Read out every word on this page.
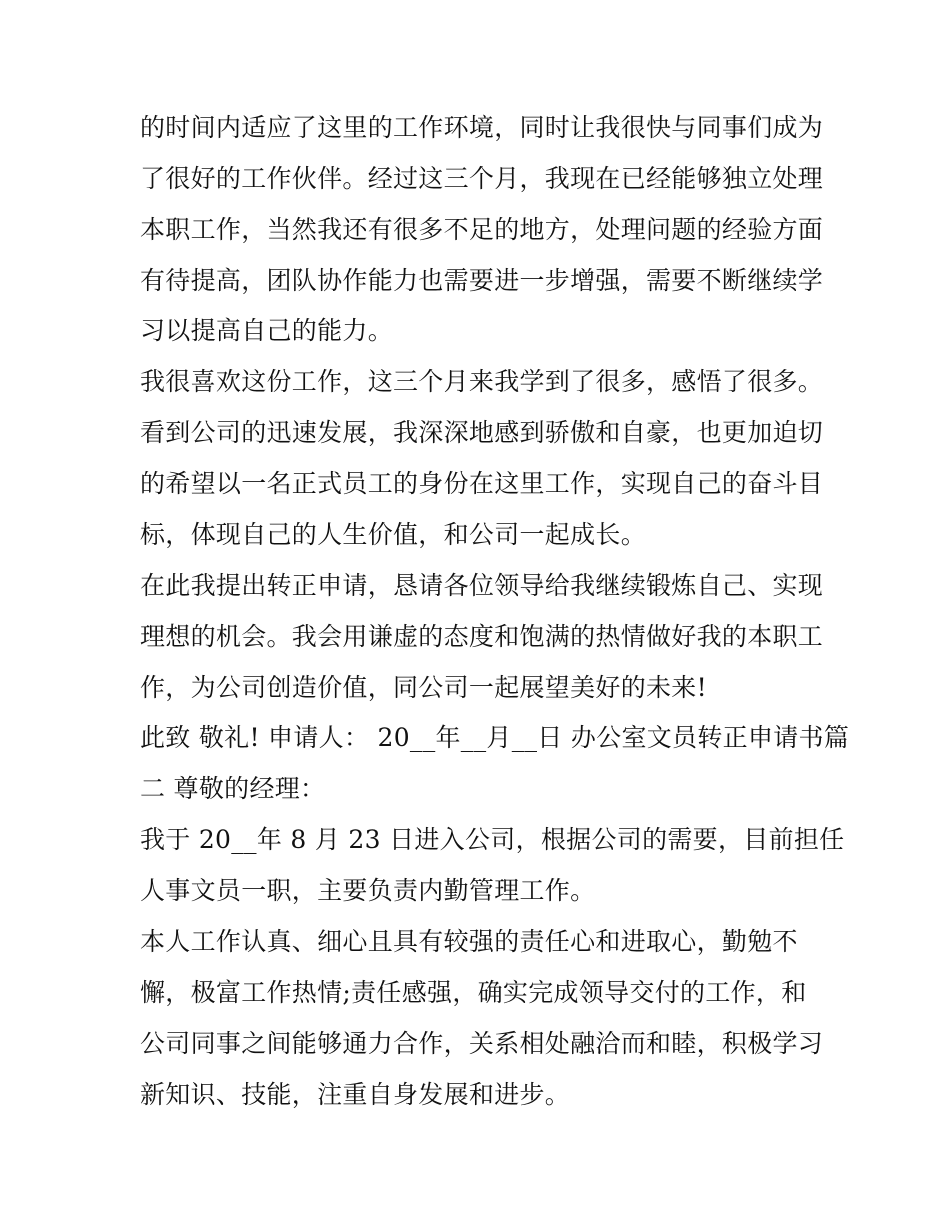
的时间内适应了这里的工作环境，同时让我很快与同事们成为
了很好的工作伙伴。经过这三个月，我现在已经能够独立处理
本职工作，当然我还有很多不足的地方，处理问题的经验方面
有待提高，团队协作能力也需要进一步增强，需要不断继续学
习以提高自己的能力。
我很喜欢这份工作，这三个月来我学到了很多，感悟了很多。
看到公司的迅速发展，我深深地感到骄傲和自豪，也更加迫切
的希望以一名正式员工的身份在这里工作，实现自己的奋斗目
标，体现自己的人生价值，和公司一起成长。
在此我提出转正申请，恳请各位领导给我继续锻炼自己、实现
理想的机会。我会用谦虚的态度和饱满的热情做好我的本职工
作，为公司创造价值，同公司一起展望美好的未来!
此致 敬礼! 申请人： 20__年__月__日 办公室文员转正申请书篇
二 尊敬的经理：
我于 20__年 8 月 23 日进入公司，根据公司的需要，目前担任
人事文员一职，主要负责内勤管理工作。
本人工作认真、细心且具有较强的责任心和进取心，勤勉不
懈，极富工作热情;责任感强，确实完成领导交付的工作，和
公司同事之间能够通力合作，关系相处融洽而和睦，积极学习
新知识、技能，注重自身发展和进步。
